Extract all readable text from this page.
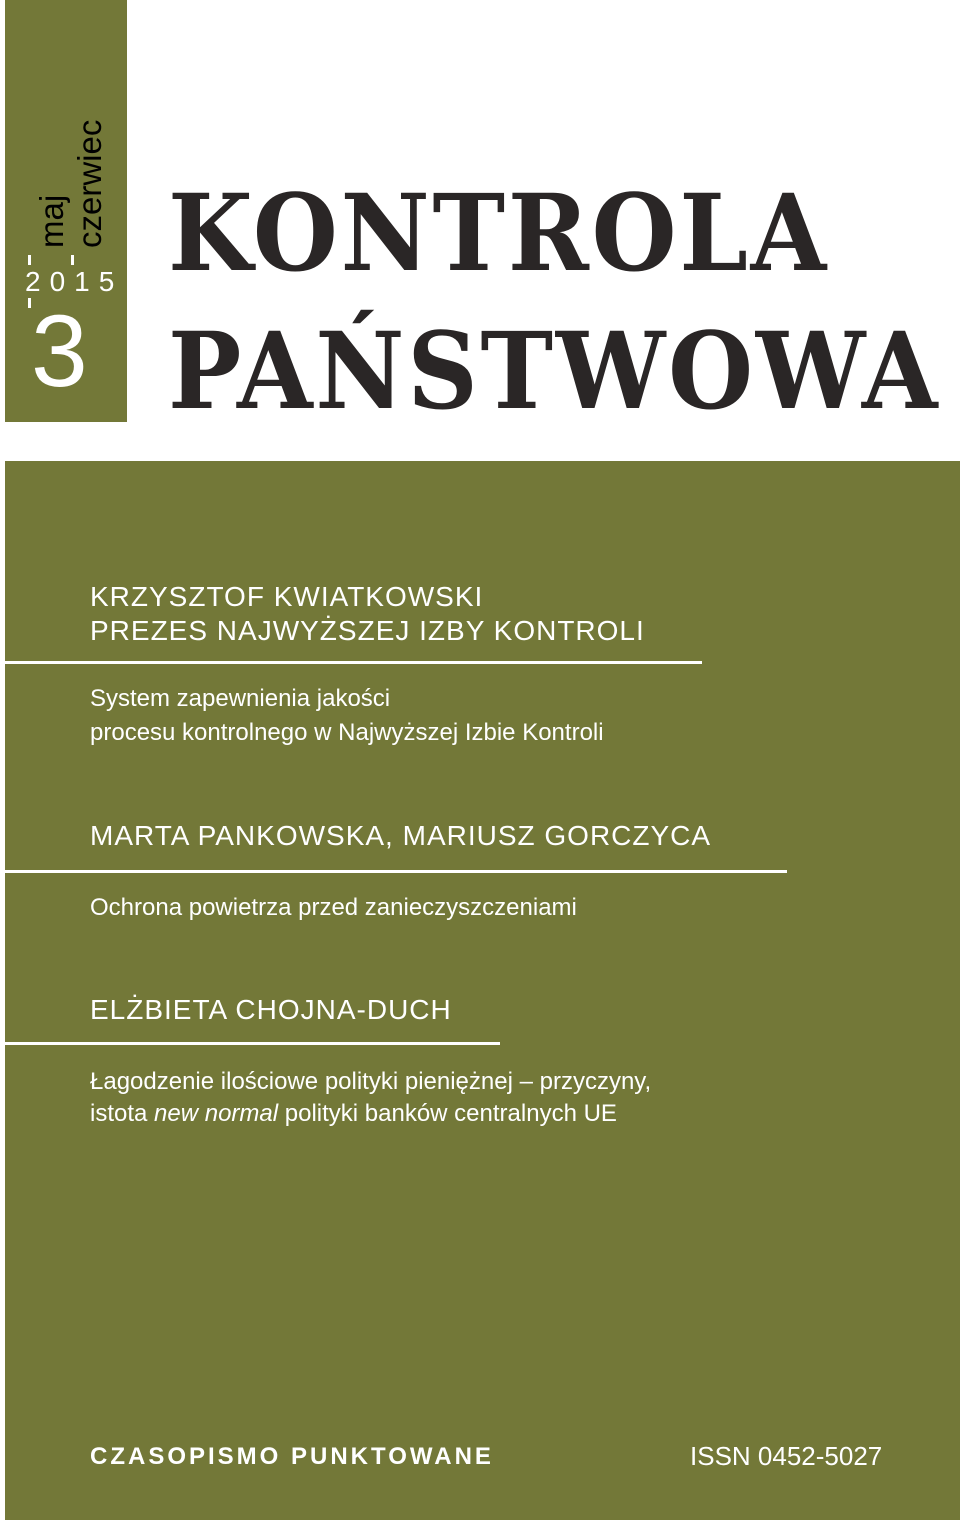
maj czerwiec
2015
3
KONTROLA
PAŃSTWOWA
KRZYSZTOF KWIATKOWSKI
PREZES NAJWYŻSZEJ IZBY KONTROLI
System zapewnienia jakości
procesu kontrolnego w Najwyższej Izbie Kontroli
MARTA PANKOWSKA, MARIUSZ GORCZYCA
Ochrona powietrza przed zanieczyszczeniami
ELŻBIETA CHOJNA-DUCH
Łagodzenie ilościowe polityki pieniężnej – przyczyny,
istota new normal polityki banków centralnych UE
CZASOPISMO PUNKTOWANE	ISSN 0452-5027
